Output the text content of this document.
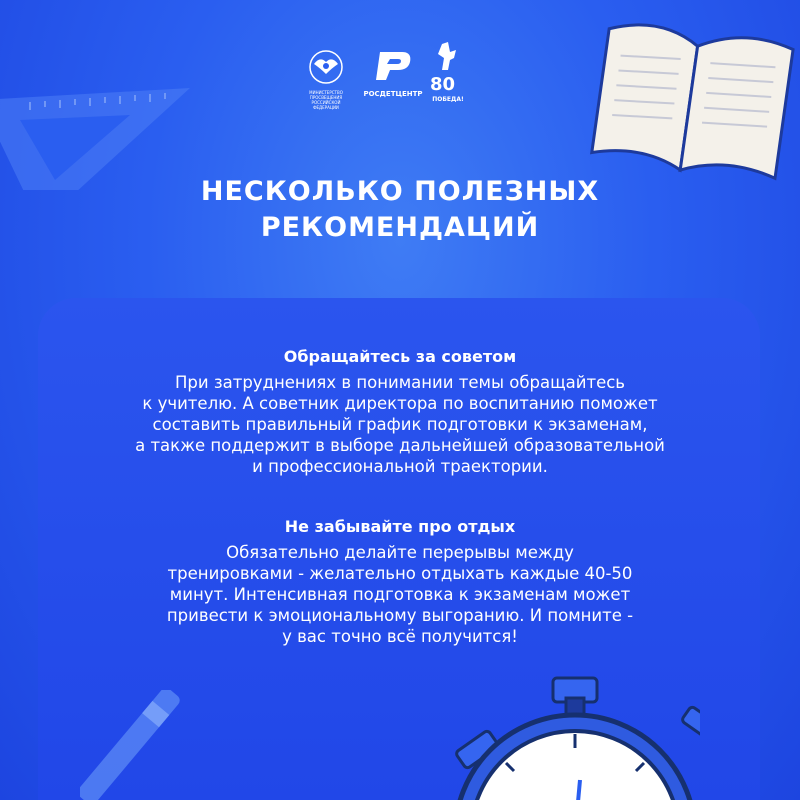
МИНИСТЕРСТВО ПРОСВЕЩЕНИЯ РОССИЙСКОЙ ФЕДЕРАЦИИ
РОСДЕТЦЕНТР 80
ПОБЕДА!
НЕСКОЛЬКО ПОЛЕЗНЫХ
РЕКОМЕНДАЦИЙ
Обращайтесь за советом
При затруднениях в понимании темы обращайтесь
к учителю. А советник директора по воспитанию поможет
составить правильный график подготовки к экзаменам,
а также поддержит в выборе дальнейшей образовательной
и профессиональной траектории.
Не забывайте про отдых
Обязательно делайте перерывы между
тренировками - желательно отдыхать каждые 40-50
минут. Интенсивная подготовка к экзаменам может
привести к эмоциональному выгоранию. И помните -
у вас точно всё получится!
